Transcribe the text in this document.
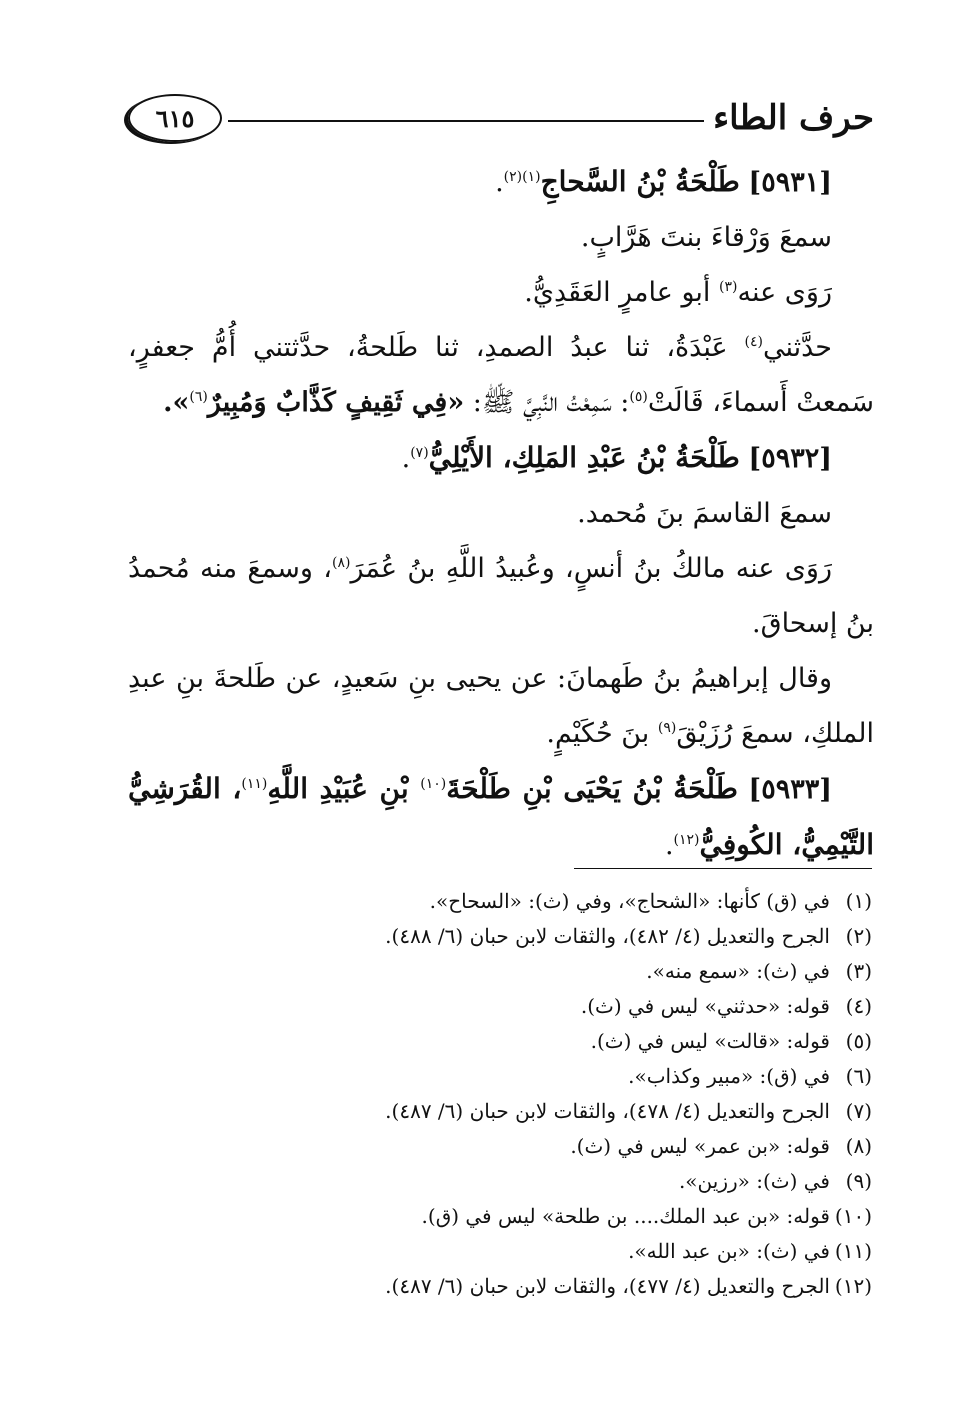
حرف الطاء
٦١٥

[٥٩٣١] طَلْحَةُ بْنُ السَّحاجِ$^{(١)(٢)}$.

سمعَ وَرْقاءَ بنتَ هَرَّابٍ.

رَوَى عنه$^{(٣)}$ أبو عامرٍ العَقَدِيُّ.

حدَّثني$^{(٤)}$ عَبْدَةُ، ثنا عبدُ الصمدِ، ثنا طَلحةُ، حدَّثتني أُمُّ جعفرٍ، سَمعتْ أَسماءَ، قَالَتْ$^{(٥)}$: سَمِعْتُ النَّبِيَّ ﷺ: «فِي ثَقِيفٍ كَذَّابٌ وَمُبِيرٌ$^{(٦)}$».

[٥٩٣٢] طَلْحَةُ بْنُ عَبْدِ المَلِكِ، الأَيْلِيُّ$^{(٧)}$.

سمعَ القاسمَ بنَ مُحمد.

رَوَى عنه مالكُ بنُ أنسٍ، وعُبيدُ اللَّهِ بنُ عُمَرَ$^{(٨)}$، وسمعَ منه مُحمدُ بنُ إسحاقَ.

وقال إبراهيمُ بنُ طَهمانَ: عن يحيى بنِ سَعيدٍ، عن طَلحةَ بنِ عبدِ الملكِ، سمعَ رُزَيْقَ$^{(٩)}$ بنَ حُكَيْمٍ.

[٥٩٣٣] طَلْحَةُ بْنُ يَحْيَى بْنِ طَلْحَةَ$^{(١٠)}$ بْنِ عُبَيْدِ اللَّهِ$^{(١١)}$، القُرَشِيُّ التَّيْمِيُّ، الكُوفِيُّ$^{(١٢)}$.

(١)في (ق) كأنها: «الشحاج»، وفي (ث): «السحاح».
(٢)الجرح والتعديل (٤/ ٤٨٢)، والثقات لابن حبان (٦/ ٤٨٨).
(٣)في (ث): «سمع منه».
(٤)قوله: «حدثني» ليس في (ث).
(٥)قوله: «قالت» ليس في (ث).
(٦)في (ق): «مبير وكذاب».
(٧)الجرح والتعديل (٤/ ٤٧٨)، والثقات لابن حبان (٦/ ٤٨٧).
(٨)قوله: «بن عمر» ليس في (ث).
(٩)في (ث): «رزين».
(١٠)قوله: «بن عبد الملك.... بن طلحة» ليس في (ق).
(١١)في (ث): «بن عبد الله».
(١٢)الجرح والتعديل (٤/ ٤٧٧)، والثقات لابن حبان (٦/ ٤٨٧).
